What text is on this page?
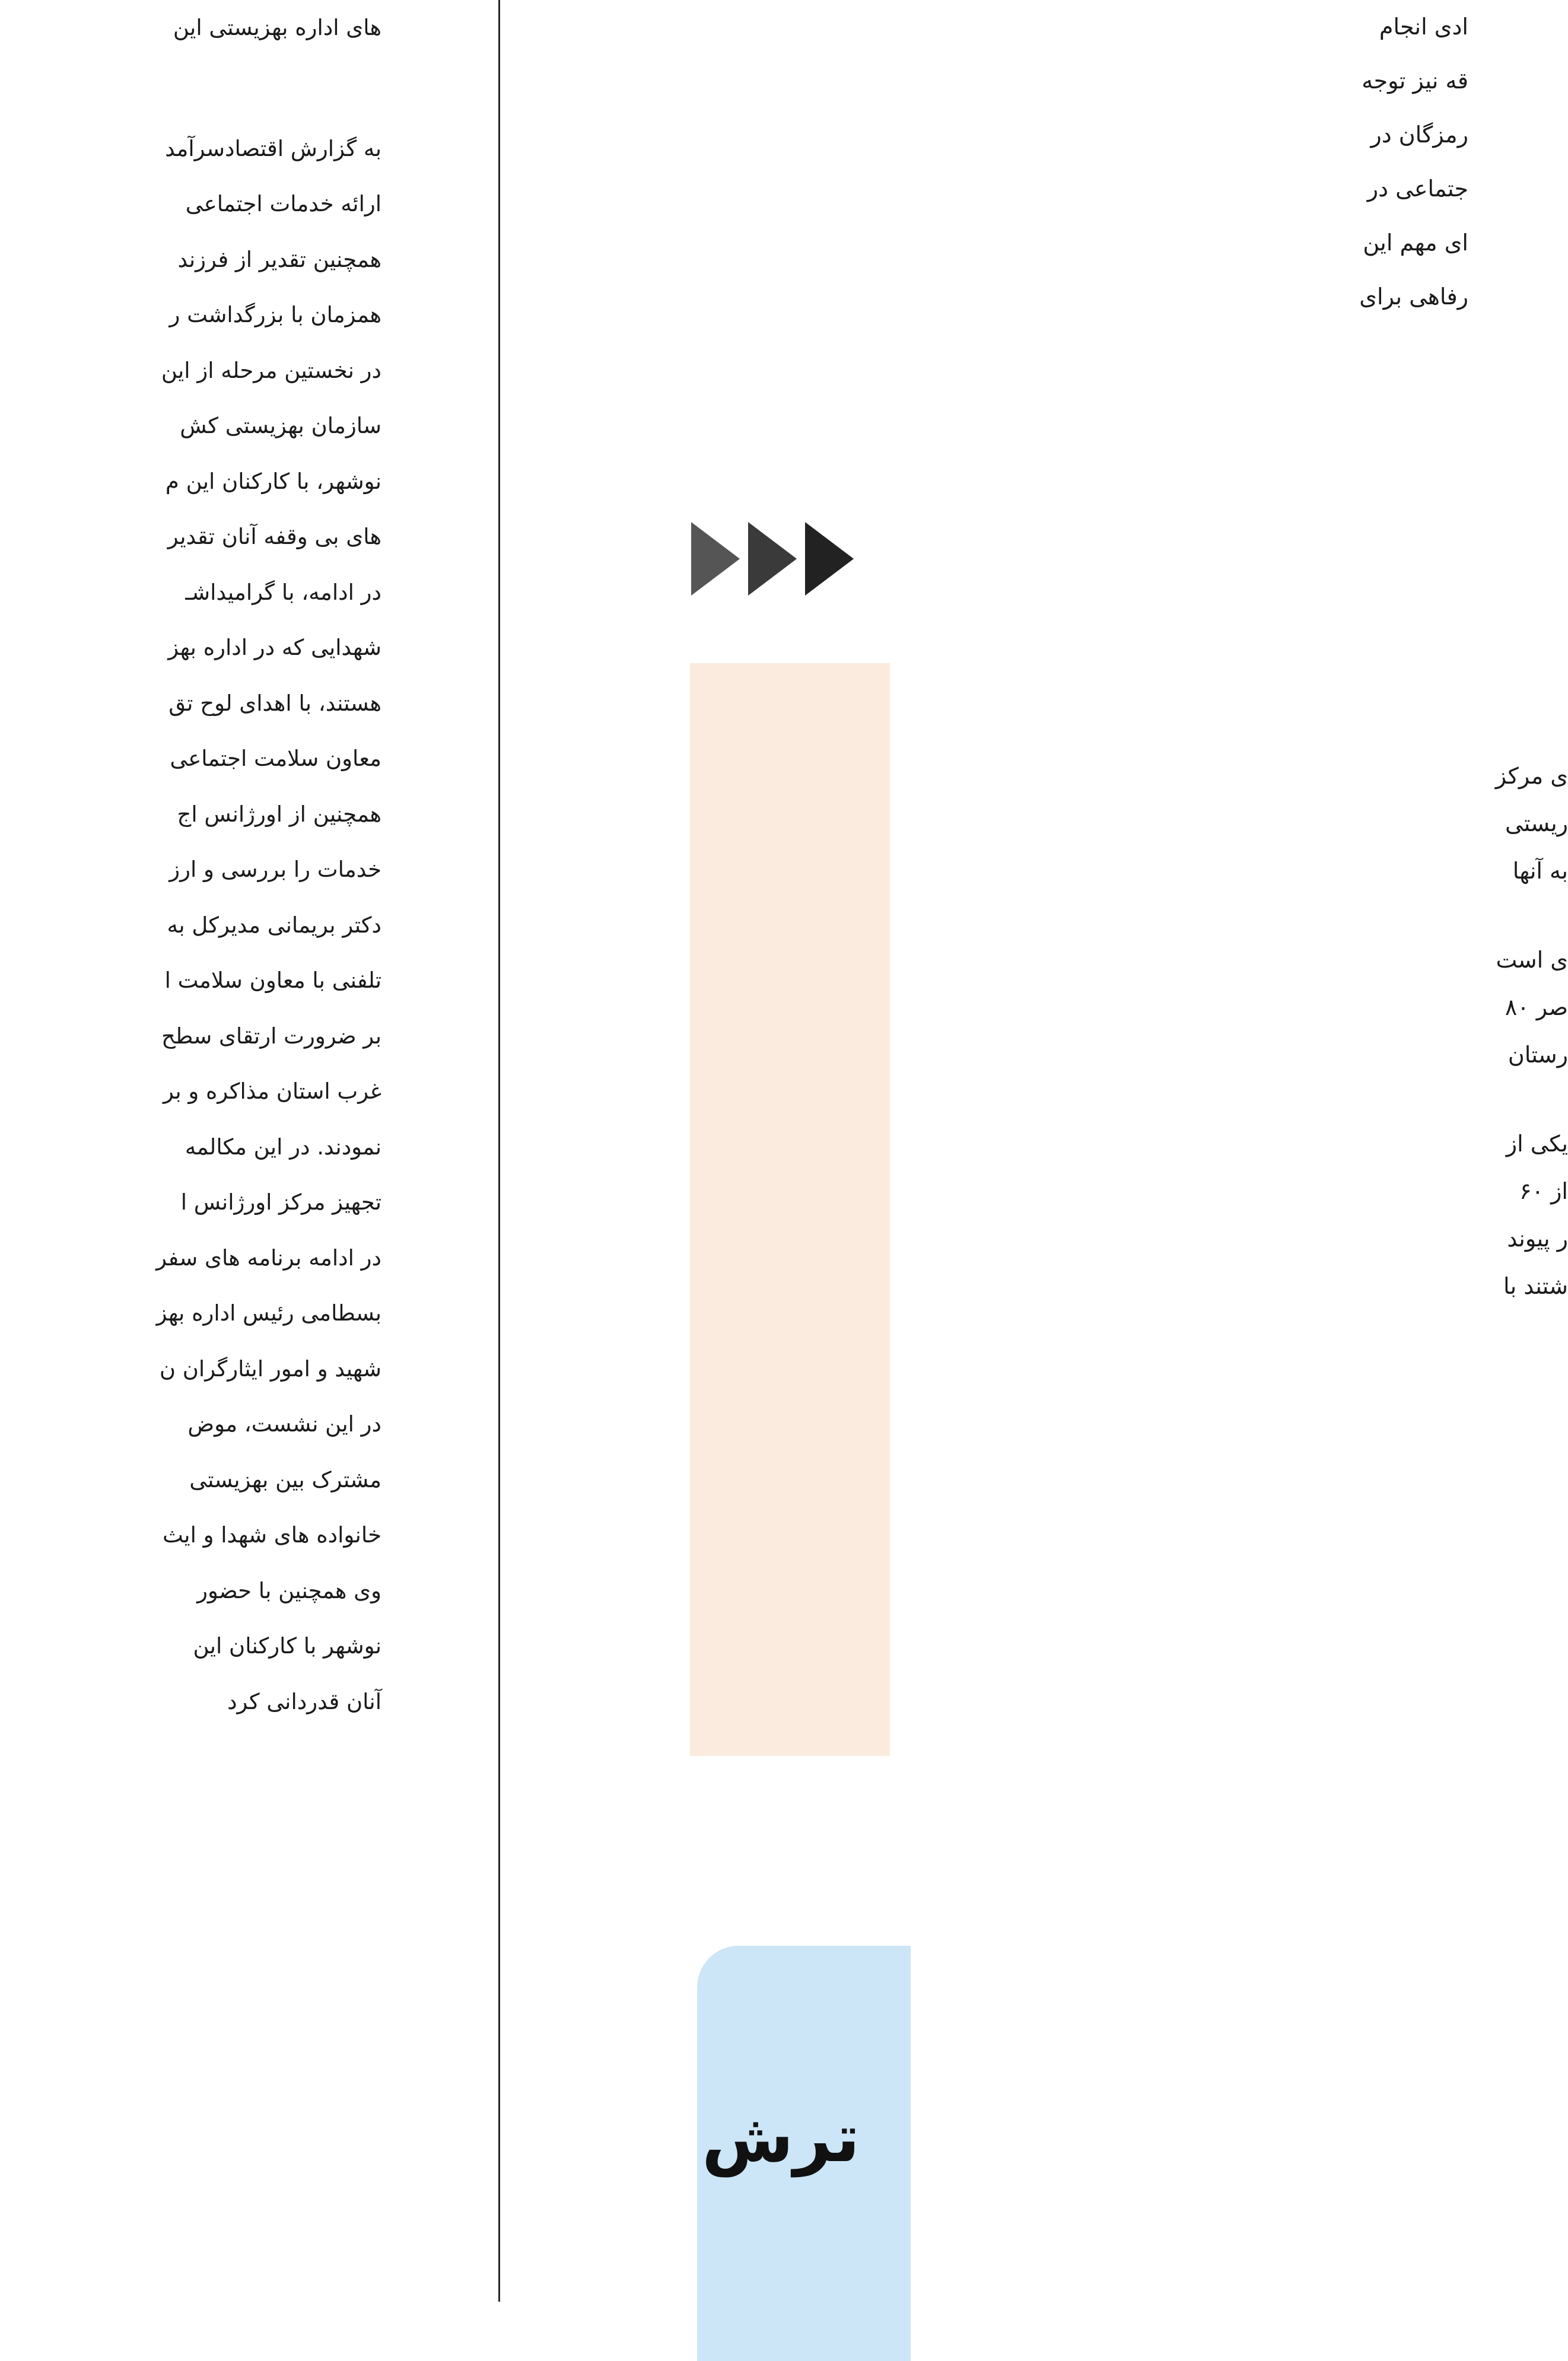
های اداره بهزیستی این

به گزارش اقتصادسرآمد

ارائه خدمات اجتماعی

همچنین تقدیر از فرزند

همزمان با بزرگداشت ر

در نخستین مرحله از این

سازمان بهزیستی کش

نوشهر، با کارکنان این م

های بی وقفه آنان تقدیر

در ادامه، با گرامیداشـ

شهدایی که در اداره بهز

هستند، با اهدای لوح تق

معاون سلامت اجتماعی

همچنین از اورژانس اج

خدمات را بررسی و ارز

دکتر بریمانی مدیرکل به

تلفنی با معاون سلامت ا

بر ضرورت ارتقای سطح

غرب استان مذاکره و بر

نمودند. در این مکالمه

تجهیز مرکز اورژانس ا

در ادامه برنامه های سفر

بسطامی رئیس اداره بهز

شهید و امور ایثارگران ن

در این نشست، موض

مشترک بین بهزیستی

خانواده های شهدا و ایث

وی همچنین با حضور

نوشهر با کارکنان این

آنان قدردانی کرد

ادی انجام

قه نیز توجه

رمزگان در

جتماعی در

ای مهم این

رفاهی برای

ی مرکز

ریستی

به آنها

ی است

صر ۸۰

رستان

یکی از

از ۶۰

ر پیوند

شتند با

ترش
